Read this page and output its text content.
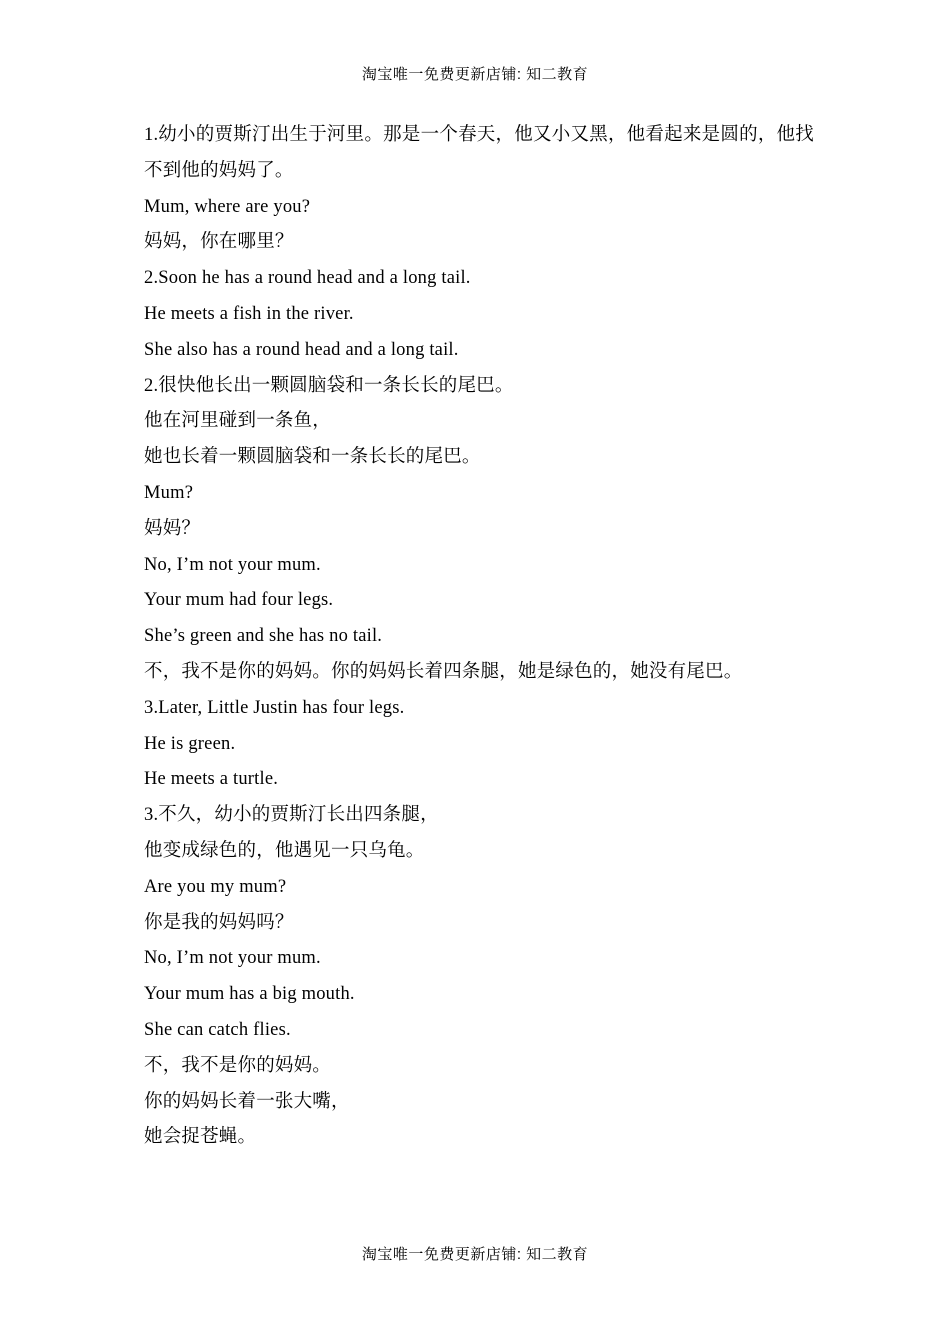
淘宝唯一免费更新店铺: 知二教育

1.幼小的贾斯汀出生于河里。那是一个春天，他又小又黑，他看起来是圆的，他找不到他的妈妈了。

Mum, where are you?

妈妈，你在哪里？

2.Soon he has a round head and a long tail.

He meets a fish in the river.

She also has a round head and a long tail.

2.很快他长出一颗圆脑袋和一条长长的尾巴。

他在河里碰到一条鱼，

她也长着一颗圆脑袋和一条长长的尾巴。

Mum?

妈妈？

No, I’m not your mum.

Your mum had four legs.

She’s green and she has no tail.

不，我不是你的妈妈。你的妈妈长着四条腿，她是绿色的，她没有尾巴。

3.Later, Little Justin has four legs.

He is green.

He meets a turtle.

3.不久，幼小的贾斯汀长出四条腿，

他变成绿色的，他遇见一只乌龟。

Are you my mum?

你是我的妈妈吗？

No, I’m not your mum.

Your mum has a big mouth.

She can catch flies.

不，我不是你的妈妈。

你的妈妈长着一张大嘴，

她会捉苍蝇。

淘宝唯一免费更新店铺: 知二教育
